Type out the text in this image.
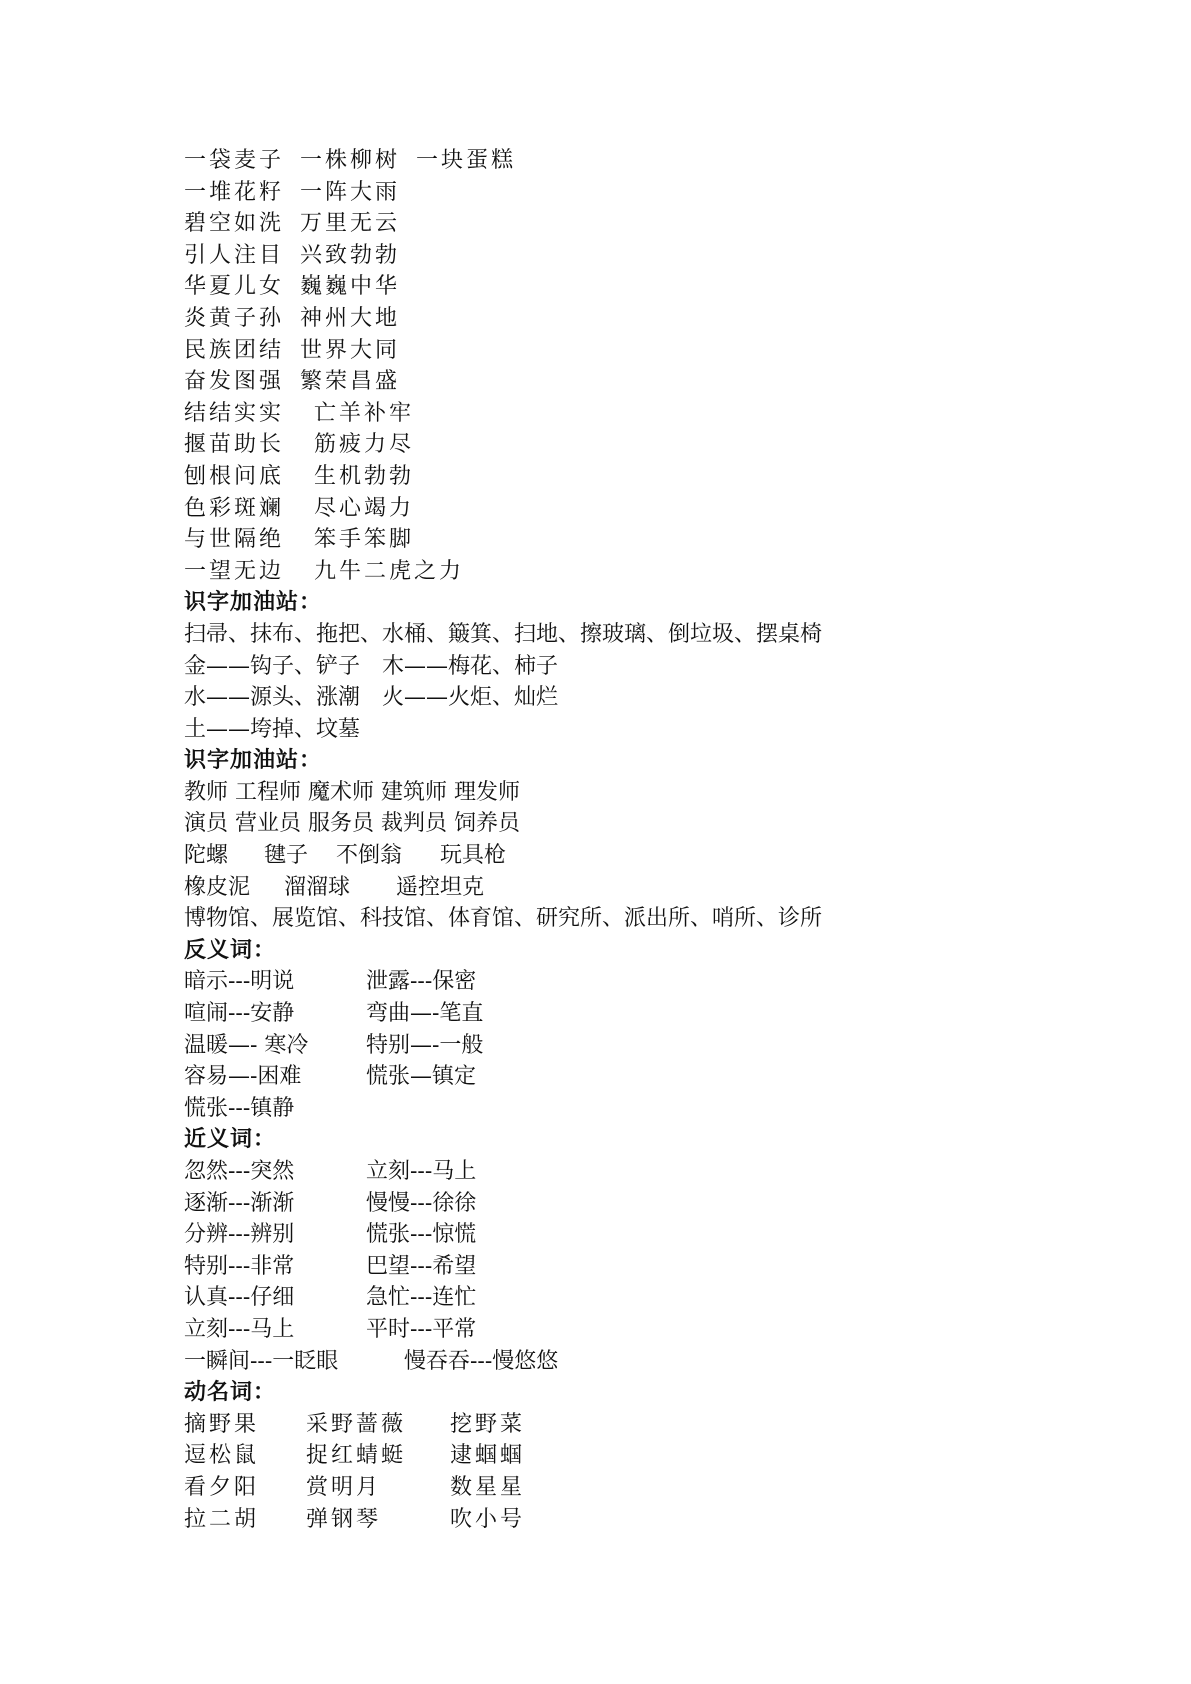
一袋麦子 一株柳树 一块蛋糕
一堆花籽 一阵大雨
碧空如洗 万里无云
引人注目 兴致勃勃
华夏儿女 巍巍中华
炎黄子孙 神州大地
民族团结 世界大同
奋发图强 繁荣昌盛
结结实实 亡羊补牢
揠苗助长 筋疲力尽
刨根问底 生机勃勃
色彩斑斓 尽心竭力
与世隔绝 笨手笨脚
一望无边 九牛二虎之力
识字加油站：
扫帚、抹布、拖把、水桶、簸箕、扫地、擦玻璃、倒垃圾、摆桌椅
金——钩子、铲子　木——梅花、柿子
水——源头、涨潮　火——火炬、灿烂
土——垮掉、坟墓
识字加油站：
教师 工程师 魔术师 建筑师 理发师
演员 营业员 服务员 裁判员 饲养员
陀螺 毽子 不倒翁 玩具枪
橡皮泥 溜溜球 遥控坦克
博物馆、展览馆、科技馆、体育馆、研究所、派出所、哨所、诊所
反义词：
暗示---明说	泄露---保密
喧闹---安静	弯曲—-笔直
温暖—- 寒冷	特别—-一般
容易—-困难	慌张—镇定
慌张---镇静
近义词：
忽然---突然	立刻---马上
逐渐---渐渐	慢慢---徐徐
分辨---辨别	慌张---惊慌
特别---非常	巴望---希望
认真---仔细	急忙---连忙
立刻---马上	平时---平常
一瞬间---一眨眼	慢吞吞---慢悠悠
动名词：
摘野果 采野蔷薇 挖野菜
逗松鼠 捉红蜻蜓 逮蝈蝈
看夕阳 赏明月	数星星
拉二胡 弹钢琴	吹小号
